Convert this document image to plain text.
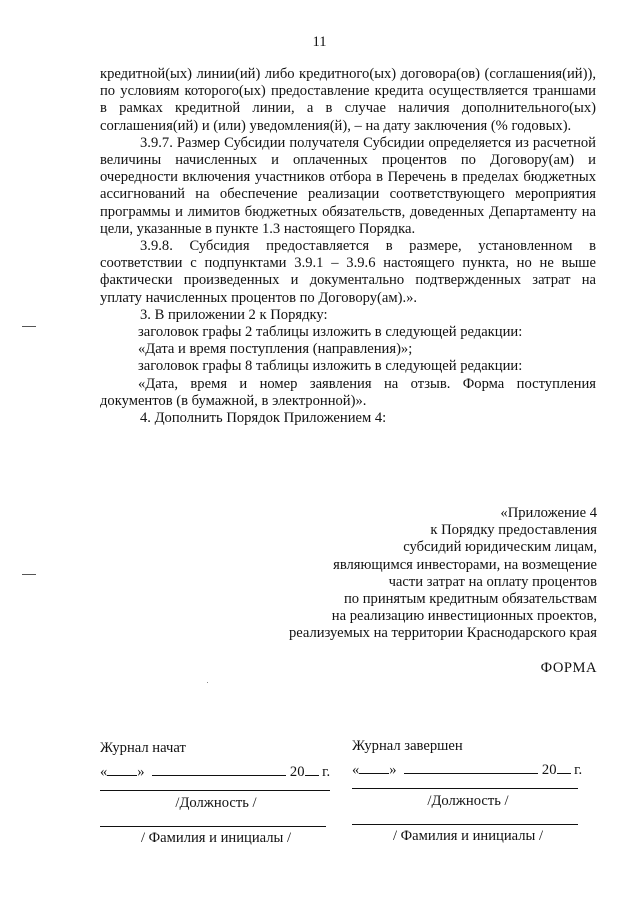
11

кредитной(ых) линии(ий) либо кредитного(ых) договора(ов) (соглашения(ий)), по условиям которого(ых) предоставление кредита осуществляется траншами в рамках кредитной линии, а в случае наличия дополнительного(ых) соглашения(ий) и (или) уведомления(й), – на дату заключения (% годовых).

3.9.7. Размер Субсидии получателя Субсидии определяется из расчетной величины начисленных и оплаченных процентов по Договору(ам) и очередности включения участников отбора в Перечень в пределах бюджетных ассигнований на обеспечение реализации соответствующего мероприятия программы и лимитов бюджетных обязательств, доведенных Департаменту на цели, указанные в пункте 1.3 настоящего Порядка.

3.9.8. Субсидия предоставляется в размере, установленном в соответствии с подпунктами 3.9.1 – 3.9.6 настоящего пункта, но не выше фактически произведенных и документально подтвержденных затрат на уплату начисленных процентов по Договору(ам).».

3. В приложении 2 к Порядку:

заголовок графы 2 таблицы изложить в следующей редакции:

«Дата и время поступления (направления)»;

заголовок графы 8 таблицы изложить в следующей редакции:

«Дата, время и номер заявления на отзыв. Форма поступления документов (в бумажной, в электронной)».

4. Дополнить Порядок Приложением 4:

«Приложение 4
к Порядку предоставления
субсидий юридическим лицам,
являющимся инвесторами, на возмещение
части затрат на оплату процентов
по принятым кредитным обязательствам
на реализацию инвестиционных проектов,
реализуемых на территории Краснодарского края
ФОРМА
Журнал начат
« »	20 г.
/Должность /
/ Фамилия и инициалы /
Журнал завершен
« »	20 г.
/Должность /
/ Фамилия и инициалы /
